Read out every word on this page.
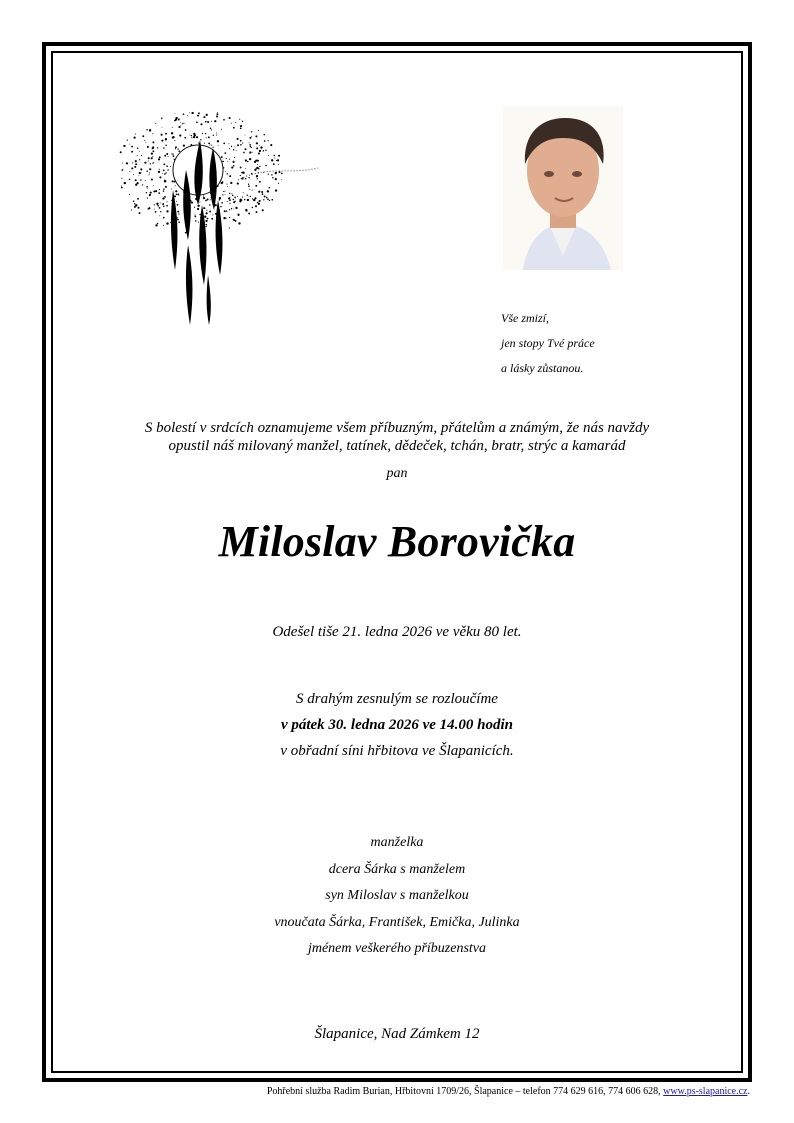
Vše zmizí,
jen stopy Tvé práce
a lásky zůstanou.
S bolestí v srdcích oznamujeme všem příbuzným, přátelům a známým, že nás navždy
opustil náš milovaný manžel, tatínek, dědeček, tchán, bratr, strýc a kamarád
pan
Miloslav Borovička
Odešel tiše 21. ledna 2026 ve věku 80 let.
S drahým zesnulým se rozloučíme
v pátek 30. ledna 2026 ve 14.00 hodin
v obřadní síni hřbitova ve Šlapanicích.
manželka
dcera Šárka s manželem
syn Miloslav s manželkou
vnoučata Šárka, František, Emička, Julinka
jménem veškerého příbuzenstva
Šlapanice, Nad Zámkem 12
Pohřební služba Radim Burian, Hřbitovní 1709/26, Šlapanice – telefon 774 629 616, 774 606 628, www.ps-slapanice.cz.
